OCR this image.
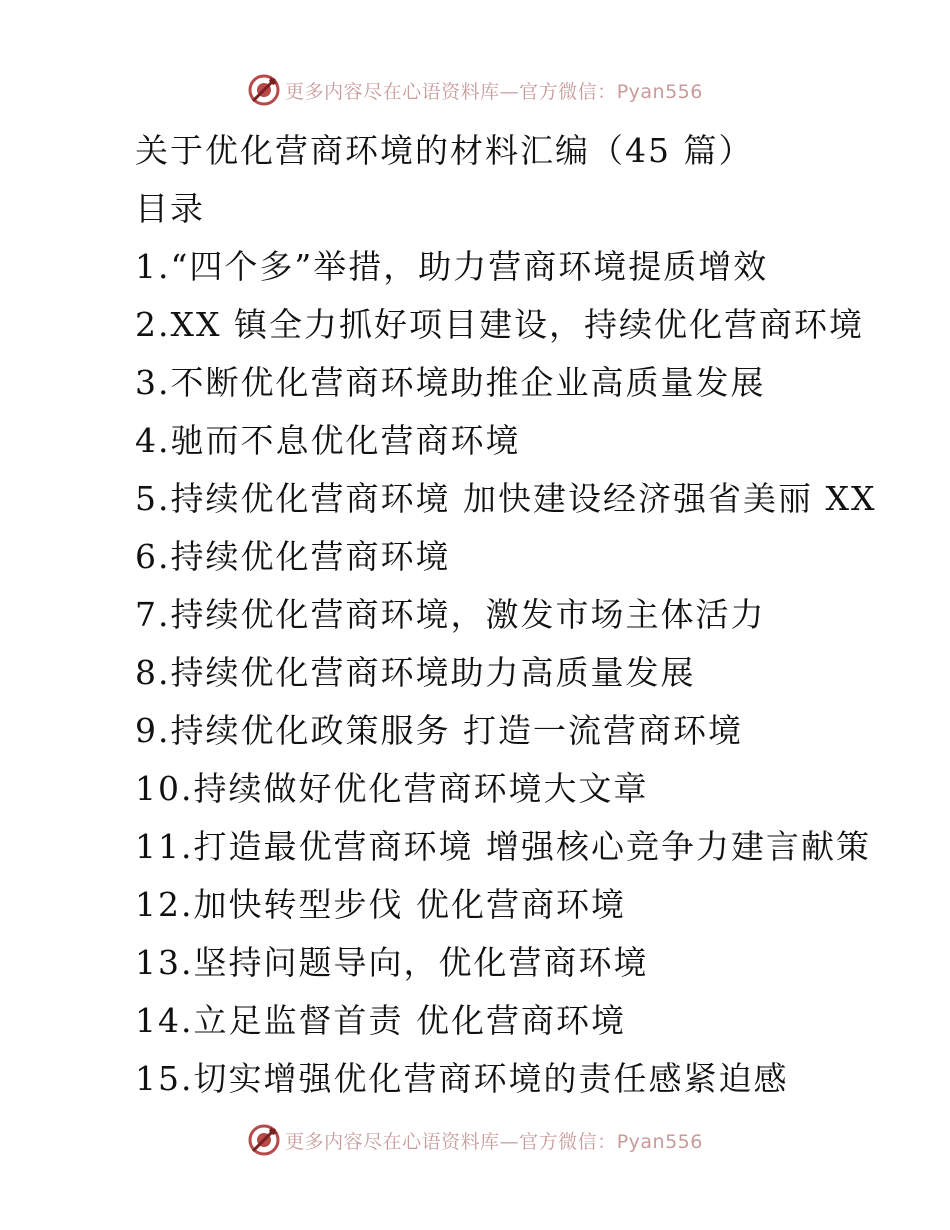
更多内容尽在心语资料库—官方微信：Pyan556
关于优化营商环境的材料汇编（45 篇）
目录
1.“四个多”举措，助力营商环境提质增效
2.XX 镇全力抓好项目建设，持续优化营商环境
3.不断优化营商环境助推企业高质量发展
4.驰而不息优化营商环境
5.持续优化营商环境 加快建设经济强省美丽 XX
6.持续优化营商环境
7.持续优化营商环境，激发市场主体活力
8.持续优化营商环境助力高质量发展
9.持续优化政策服务 打造一流营商环境
10.持续做好优化营商环境大文章
11.打造最优营商环境 增强核心竞争力建言献策
12.加快转型步伐 优化营商环境
13.坚持问题导向，优化营商环境
14.立足监督首责 优化营商环境
15.切实增强优化营商环境的责任感紧迫感
更多内容尽在心语资料库—官方微信：Pyan556
